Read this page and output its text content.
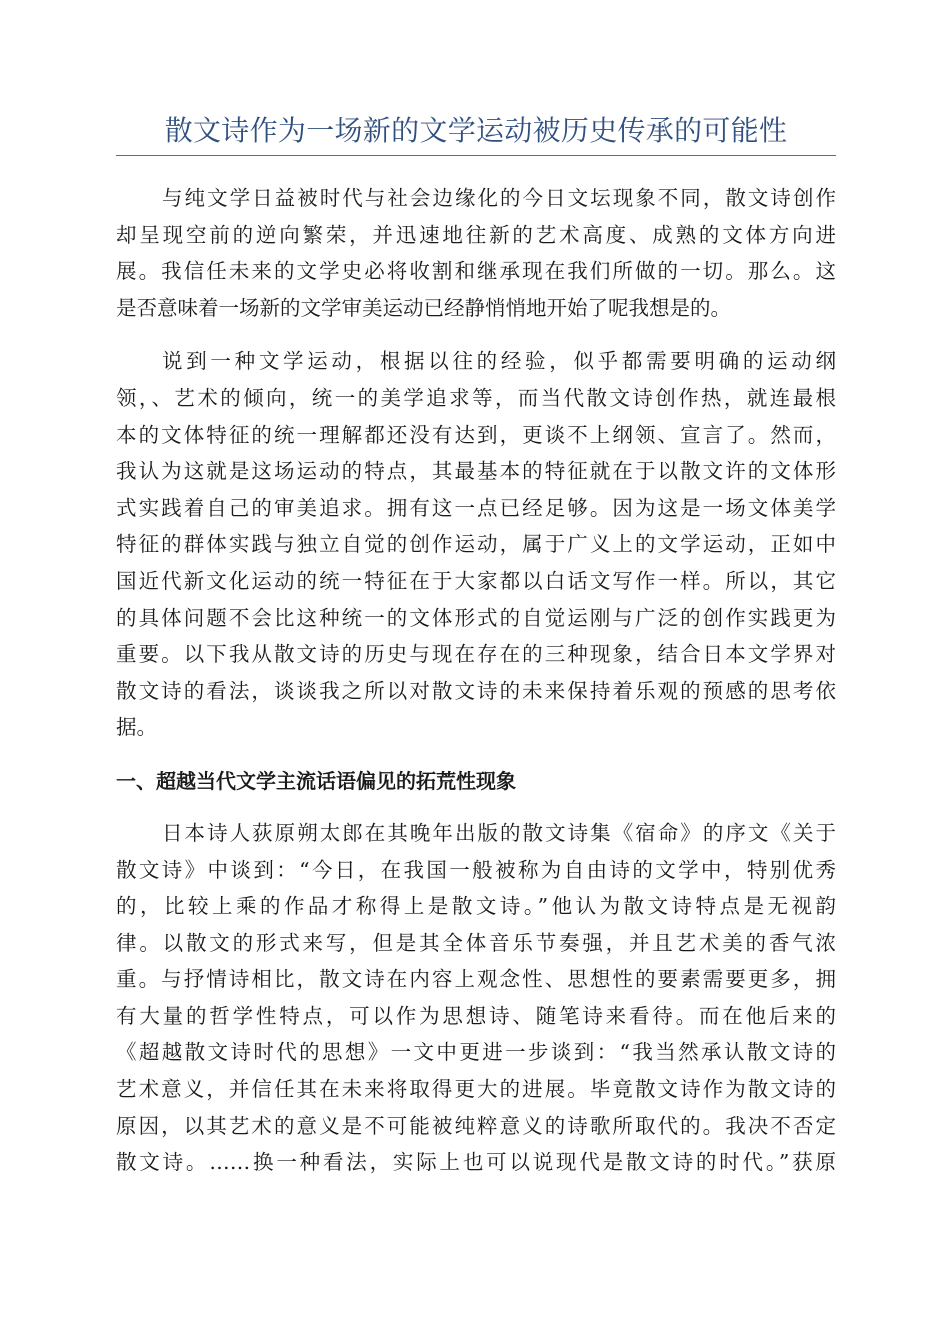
散文诗作为一场新的文学运动被历史传承的可能性
与纯文学日益被时代与社会边缘化的今日文坛现象不同，散文诗创作
却呈现空前的逆向繁荣，并迅速地往新的艺术高度、成熟的文体方向进
展。我信任未来的文学史必将收割和继承现在我们所做的一切。那么。这
是否意味着一场新的文学审美运动已经静悄悄地开始了呢我想是的。
说到一种文学运动，根据以往的经验，似乎都需要明确的运动纲
领，、艺术的倾向，统一的美学追求等，而当代散文诗创作热，就连最根
本的文体特征的统一理解都还没有达到，更谈不上纲领、宣言了。然而，
我认为这就是这场运动的特点，其最基本的特征就在于以散文许的文体形
式实践着自己的审美追求。拥有这一点已经足够。因为这是一场文体美学
特征的群体实践与独立自觉的创作运动，属于广义上的文学运动，正如中
国近代新文化运动的统一特征在于大家都以白话文写作一样。所以，其它
的具体问题不会比这种统一的文体形式的自觉运刚与广泛的创作实践更为
重要。以下我从散文诗的历史与现在存在的三种现象，结合日本文学界对
散文诗的看法，谈谈我之所以对散文诗的未来保持着乐观的预感的思考依
据。
一、超越当代文学主流话语偏见的拓荒性现象
日本诗人荻原朔太郎在其晚年出版的散文诗集《宿命》的序文《关于
散文诗》中谈到：“今日，在我国一般被称为自由诗的文学中，特别优秀
的，比较上乘的作品才称得上是散文诗。”他认为散文诗特点是无视韵
律。以散文的形式来写，但是其全体音乐节奏强，并且艺术美的香气浓
重。与抒情诗相比，散文诗在内容上观念性、思想性的要素需要更多，拥
有大量的哲学性特点，可以作为思想诗、随笔诗来看待。而在他后来的
《超越散文诗时代的思想》一文中更进一步谈到：“我当然承认散文诗的
艺术意义，并信任其在未来将取得更大的进展。毕竟散文诗作为散文诗的
原因，以其艺术的意义是不可能被纯粹意义的诗歌所取代的。我决不否定
散文诗。……换一种看法，实际上也可以说现代是散文诗的时代。”获原
